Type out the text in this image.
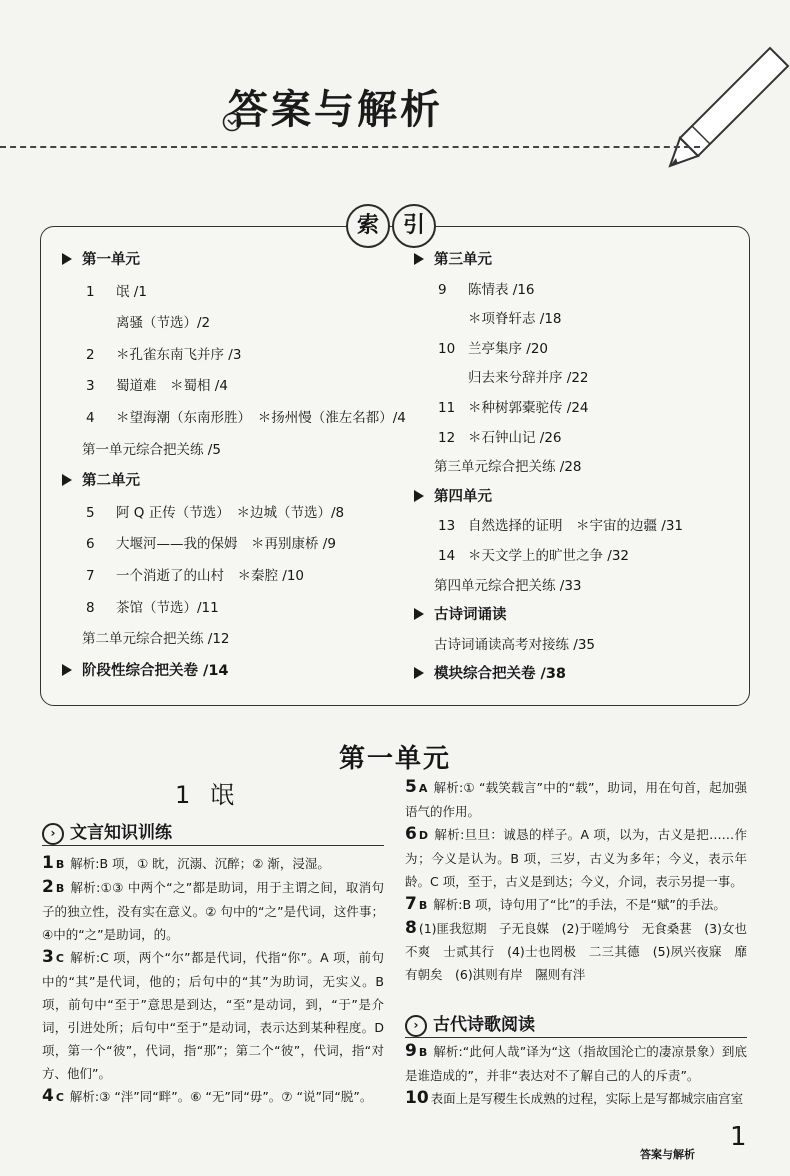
答案与解析
索	引
第一单元
1 氓 /1
离骚（节选）/2
2 ＊孔雀东南飞并序 /3
3 蜀道难　＊蜀相 /4
4 ＊望海潮（东南形胜）　＊扬州慢（淮左名都）/4
第一单元综合把关练 /5
第二单元
5 阿 Q 正传（节选）　＊边城（节选）/8
6 大堰河——我的保姆　＊再别康桥 /9
7 一个消逝了的山村　＊秦腔 /10
8 茶馆（节选）/11
第二单元综合把关练 /12
阶段性综合把关卷 /14
第三单元
9 陈情表 /16
＊项脊轩志 /18
10 兰亭集序 /20
归去来兮辞并序 /22
11 ＊种树郭橐驼传 /24
12 ＊石钟山记 /26
第三单元综合把关练 /28
第四单元
13 自然选择的证明　＊宇宙的边疆 /31
14 ＊天文学上的旷世之争 /32
第四单元综合把关练 /33
古诗词诵读
古诗词诵读高考对接练 /35
模块综合把关卷 /38
第一单元
1 氓
› 文言知识训练
› 古代诗歌阅读
1 B 解析:B 项，① 眈，沉溺、沉醉；② 渐，浸湿。
2 B 解析:①③ 中两个“之”都是助词，用于主谓之间，取消句子的独立性，没有实在意义。② 句中的“之”是代词，这件事；④中的“之”是助词，的。
3 C 解析:C 项，两个“尔”都是代词，代指“你”。A 项，前句中的“其”是代词，他的；后句中的“其”为助词，无实义。B 项，前句中“至于”意思是到达，“至”是动词，到，“于”是介词，引进处所；后句中“至于”是动词，表示达到某种程度。D 项，第一个“彼”，代词，指“那”；第二个“彼”，代词，指“对方、他们”。
4 C 解析:③ “泮”同“畔”。⑥ “无”同“毋”。⑦ “说”同“脱”。
5 A 解析:① “载笑载言”中的“载”，助词，用在句首，起加强语气的作用。
6 D 解析:旦旦：诚恳的样子。A 项，以为，古义是把……作为；今义是认为。B 项，三岁，古义为多年；今义，表示年龄。C 项，至于，古义是到达；今义，介词，表示另提一事。
7 B 解析:B 项，诗句用了“比”的手法，不是“赋”的手法。
8 (1)匪我愆期　子无良媒　(2)于嗟鸠兮　无食桑葚　(3)女也不爽　士贰其行　(4)士也罔极　二三其德　(5)夙兴夜寐　靡有朝矣　(6)淇则有岸　隰则有泮
9 B 解析:“此何人哉”译为“这（指故国沦亡的凄凉景象）到底是谁造成的”，并非“表达对不了解自己的人的斥责”。
10 表面上是写稷生长成熟的过程，实际上是写都城宗庙宫室
答案与解析
1
